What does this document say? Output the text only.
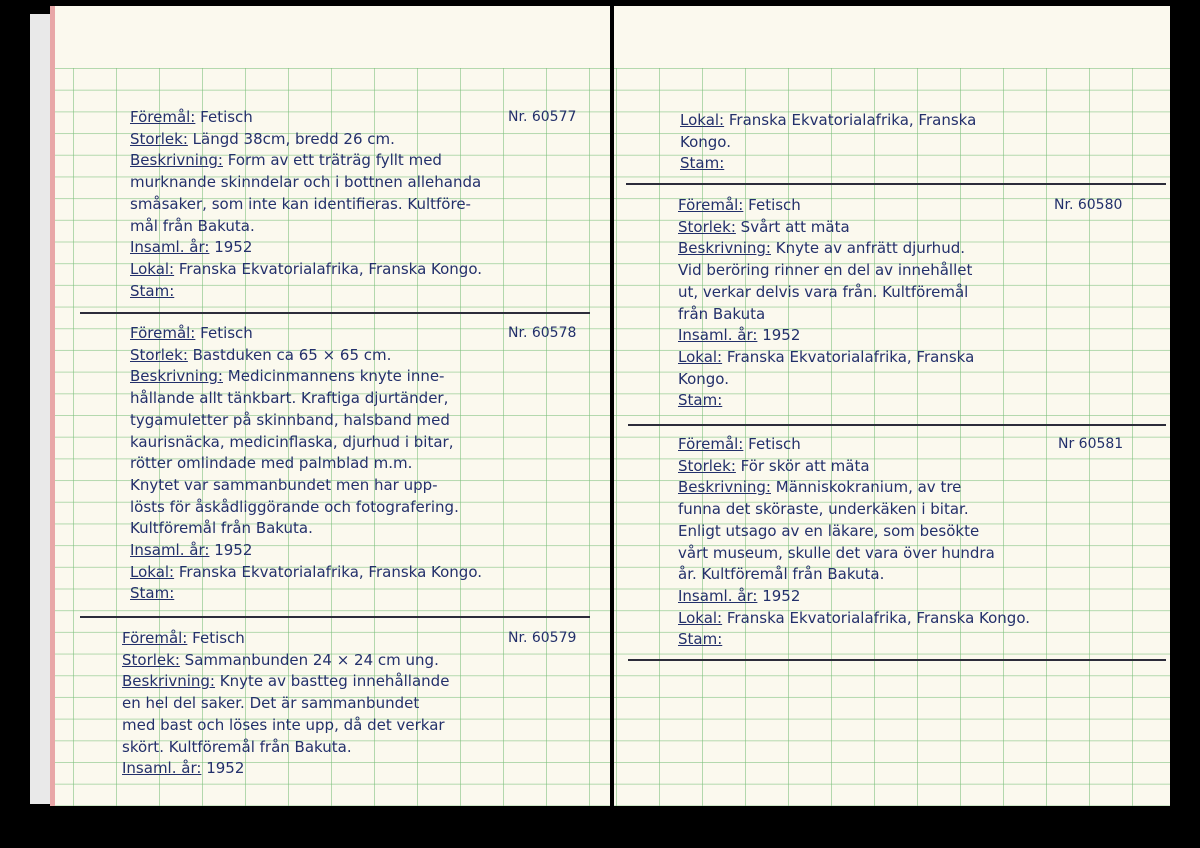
Föremål: Fetisch

Storlek: Längd 38cm, bredd 26 cm.

Beskrivning: Form av ett träträg fyllt med

murknande skinndelar och i bottnen allehanda

småsaker, som inte kan identifieras. Kultföre-

mål från Bakuta.

Insaml. år: 1952

Lokal: Franska Ekvatorialafrika, Franska Kongo.

Stam:

Nr. 60577

Föremål: Fetisch

Storlek: Bastduken ca 65 × 65 cm.

Beskrivning: Medicinmannens knyte inne-

hållande allt tänkbart. Kraftiga djurtänder,

tygamuletter på skinnband, halsband med

kaurisnäcka, medicinflaska, djurhud i bitar,

rötter omlindade med palmblad m.m.

Knytet var sammanbundet men har upp-

lösts för åskådliggörande och fotografering.

Kultföremål från Bakuta.

Insaml. år: 1952

Lokal: Franska Ekvatorialafrika, Franska Kongo.

Stam:

Nr. 60578

Föremål: Fetisch

Storlek: Sammanbunden 24 × 24 cm ung.

Beskrivning: Knyte av bastteg innehållande

en hel del saker. Det är sammanbundet

med bast och löses inte upp, då det verkar

skört. Kultföremål från Bakuta.

Insaml. år: 1952

Nr. 60579

Lokal: Franska Ekvatorialafrika, Franska

Kongo.

Stam:

Föremål: Fetisch

Storlek: Svårt att mäta

Beskrivning: Knyte av anfrätt djurhud.

Vid beröring rinner en del av innehållet

ut, verkar delvis vara från. Kultföremål

från Bakuta

Insaml. år: 1952

Lokal: Franska Ekvatorialafrika, Franska

Kongo.

Stam:

Nr. 60580

Föremål: Fetisch

Storlek: För skör att mäta

Beskrivning: Människokranium, av tre

funna det sköraste, underkäken i bitar.

Enligt utsago av en läkare, som besökte

vårt museum, skulle det vara över hundra

år. Kultföremål från Bakuta.

Insaml. år: 1952

Lokal: Franska Ekvatorialafrika, Franska Kongo.

Stam:

Nr 60581
